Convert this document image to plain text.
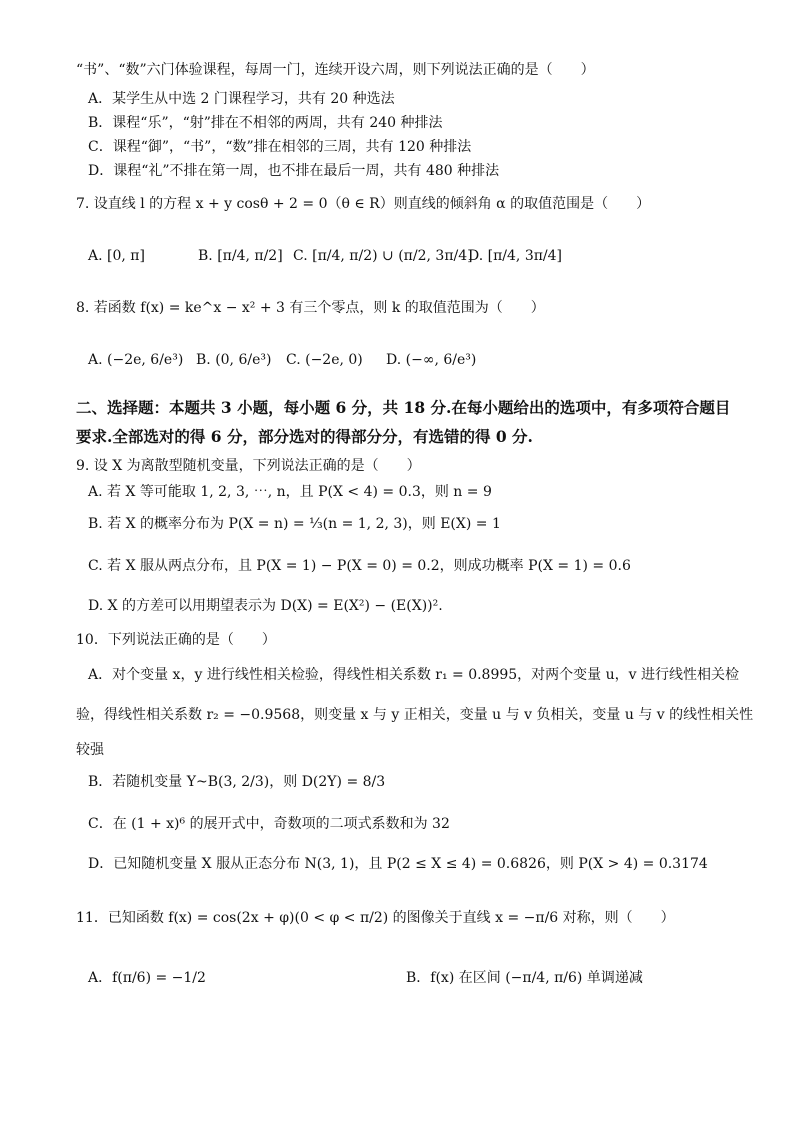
“书”、“数”六门体验课程，每周一门，连续开设六周，则下列说法正确的是（　　）
A．某学生从中选 2 门课程学习，共有 20 种选法
B．课程“乐”，“射”排在不相邻的两周，共有 240 种排法
C．课程“御”，“书”，“数”排在相邻的三周，共有 120 种排法
D．课程“礼”不排在第一周，也不排在最后一周，共有 480 种排法
7. 设直线 l 的方程 x + y cosθ + 2 = 0（θ ∈ R）则直线的倾斜角 α 的取值范围是（　　）
A. [0, π]	B. [π/4, π/2] C. [π/4, π/2) ∪ (π/2, 3π/4]
D. [π/4, 3π/4]
8. 若函数 f(x) = ke^x − x² + 3 有三个零点，则 k 的取值范围为（　　）
A. (−2e, 6/e³) B. (0, 6/e³) C. (−2e, 0) D. (−∞, 6/e³)
二、选择题：本题共 3 小题，每小题 6 分，共 18 分.在每小题给出的选项中，有多项符合题目
要求.全部选对的得 6 分，部分选对的得部分分，有选错的得 0 分.
9. 设 X 为离散型随机变量，下列说法正确的是（　　）
A. 若 X 等可能取 1, 2, 3, ⋯, n，且 P(X < 4) = 0.3，则 n = 9
B. 若 X 的概率分布为 P(X = n) = ⅓(n = 1, 2, 3)，则 E(X) = 1
C. 若 X 服从两点分布，且 P(X = 1) − P(X = 0) = 0.2，则成功概率 P(X = 1) = 0.6
D. X 的方差可以用期望表示为 D(X) = E(X²) − (E(X))².
10．下列说法正确的是（　　）
A．对个变量 x，y 进行线性相关检验，得线性相关系数 r₁ = 0.8995，对两个变量 u，v 进行线性相关检
验，得线性相关系数 r₂ = −0.9568，则变量 x 与 y 正相关，变量 u 与 v 负相关，变量 u 与 v 的线性相关性
较强
B．若随机变量 Y~B(3, 2/3)，则 D(2Y) = 8/3
C．在 (1 + x)⁶ 的展开式中，奇数项的二项式系数和为 32
D．已知随机变量 X 服从正态分布 N(3, 1)，且 P(2 ≤ X ≤ 4) = 0.6826，则 P(X > 4) = 0.3174
11．已知函数 f(x) = cos(2x + φ)(0 < φ < π/2) 的图像关于直线 x = −π/6 对称，则（　　）
A．f(π/6) = −1/2	B．f(x) 在区间 (−π/4, π/6) 单调递减
